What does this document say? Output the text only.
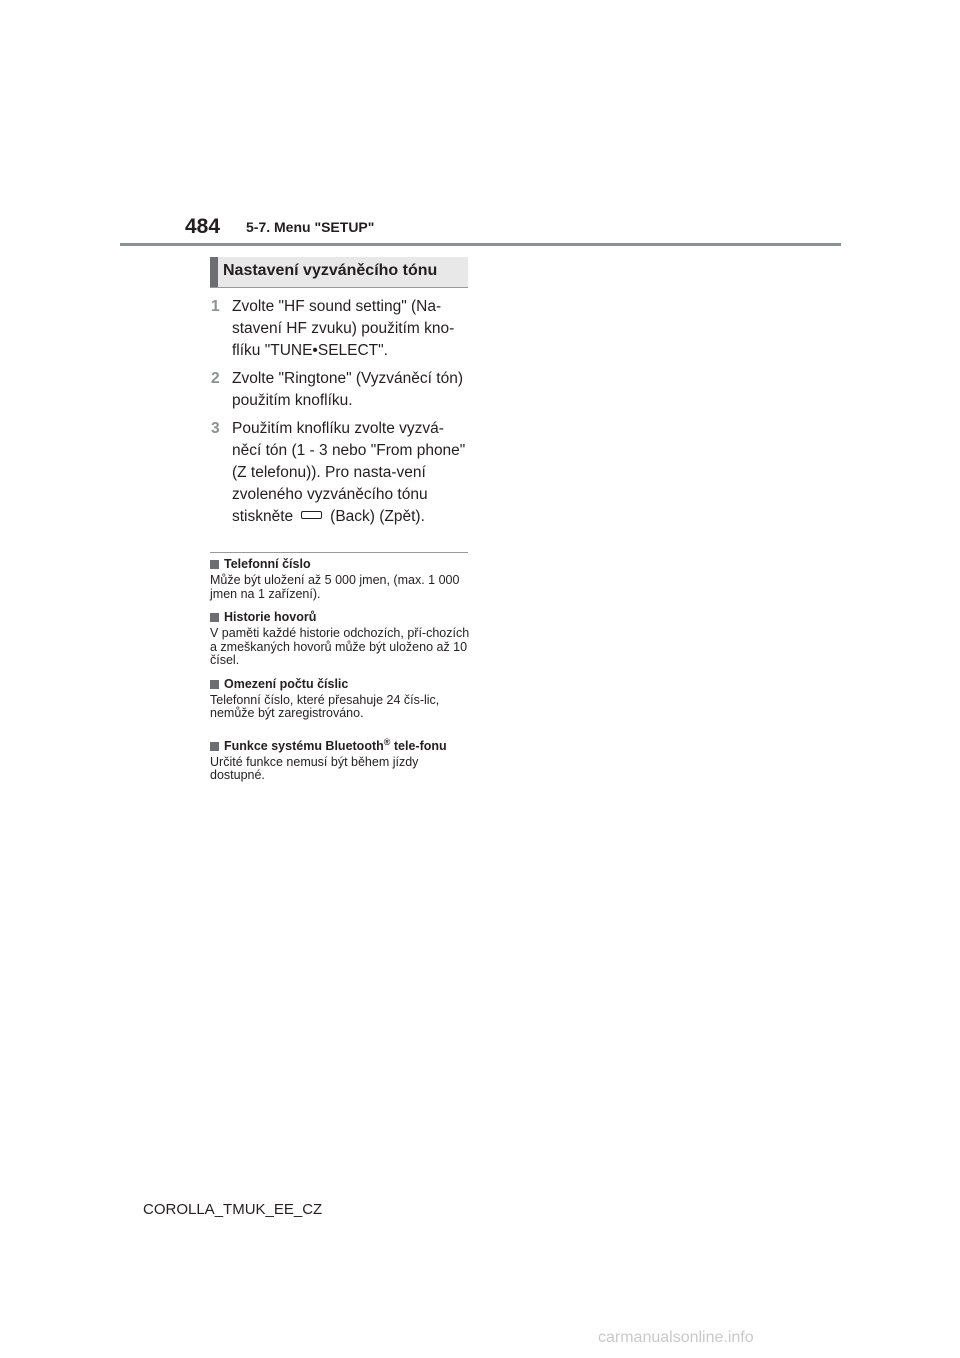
484 5-7. Menu "SETUP"
Nastavení vyzváněcího tónu
1 Zvolte "HF sound setting" (Na-stavení HF zvuku) použitím kno-flíku "TUNE•SELECT".
2 Zvolte "Ringtone" (Vyzváněcí tón) použitím knoflíku.
3 Použitím knoflíku zvolte vyzvá-něcí tón (1 - 3 nebo "From phone" (Z telefonu)). Pro nasta-vení zvoleného vyzváněcího tónu stiskněte (Back) (Zpět).
Telefonní číslo
Může být uložení až 5 000 jmen, (max. 1 000 jmen na 1 zařízení).
Historie hovorů
V paměti každé historie odchozích, pří-chozích a zmeškaných hovorů může být uloženo až 10 čísel.
Omezení počtu číslic
Telefonní číslo, které přesahuje 24 čís-lic, nemůže být zaregistrováno.
Funkce systému Bluetooth® tele-fonu
Určité funkce nemusí být během jízdy dostupné.
COROLLA_TMUK_EE_CZ
carmanualsonline.info
